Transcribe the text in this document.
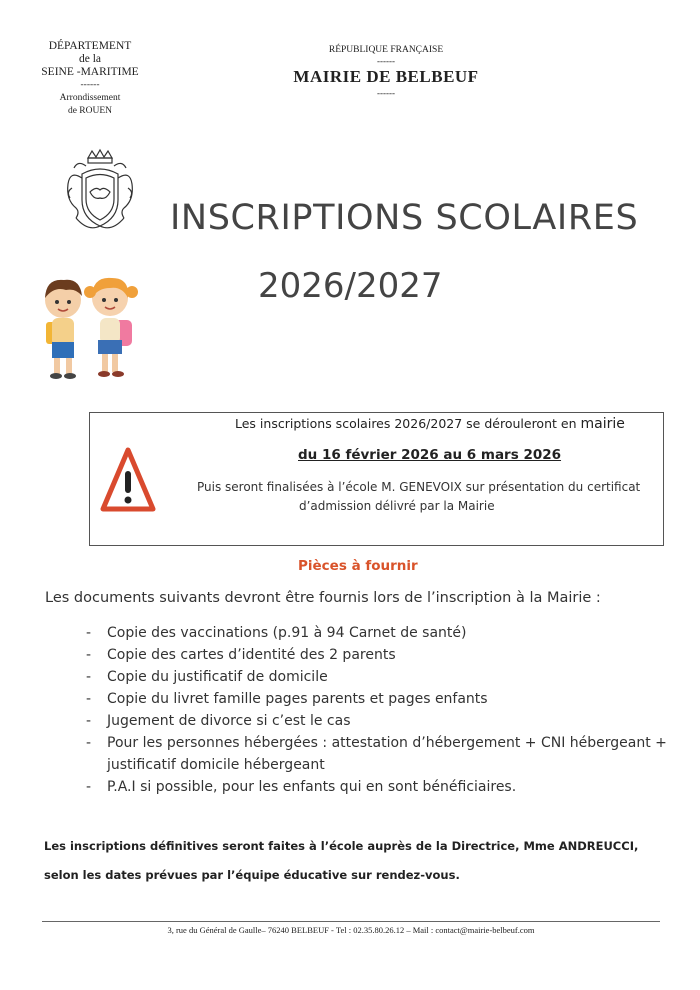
DÉPARTEMENT
de la
SEINE -MARITIME
------
Arrondissement
de ROUEN
RÉPUBLIQUE FRANÇAISE
------
MAIRIE DE BELBEUF
------
INSCRIPTIONS SCOLAIRES
2026/2027
Les inscriptions scolaires 2026/2027 se dérouleront en mairie
du 16 février 2026 au 6 mars 2026
Puis seront finalisées à l’école M. GENEVOIX sur présentation du certificat
d’admission délivré par la Mairie
Pièces à fournir
Les documents suivants devront être fournis lors de l’inscription à la Mairie :
- Copie des vaccinations (p.91 à 94 Carnet de santé)
- Copie des cartes d’identité des 2 parents
- Copie du justificatif de domicile
- Copie du livret famille pages parents et pages enfants
- Jugement de divorce si c’est le cas
- Pour les personnes hébergées : attestation d’hébergement + CNI hébergeant + justificatif domicile hébergeant
- P.A.I si possible, pour les enfants qui en sont bénéficiaires.
Les inscriptions définitives seront faites à l’école auprès de la Directrice, Mme ANDREUCCI,
selon les dates prévues par l’équipe éducative sur rendez-vous.
3, rue du Général de Gaulle– 76240 BELBEUF - Tel : 02.35.80.26.12 – Mail : contact@mairie-belbeuf.com
